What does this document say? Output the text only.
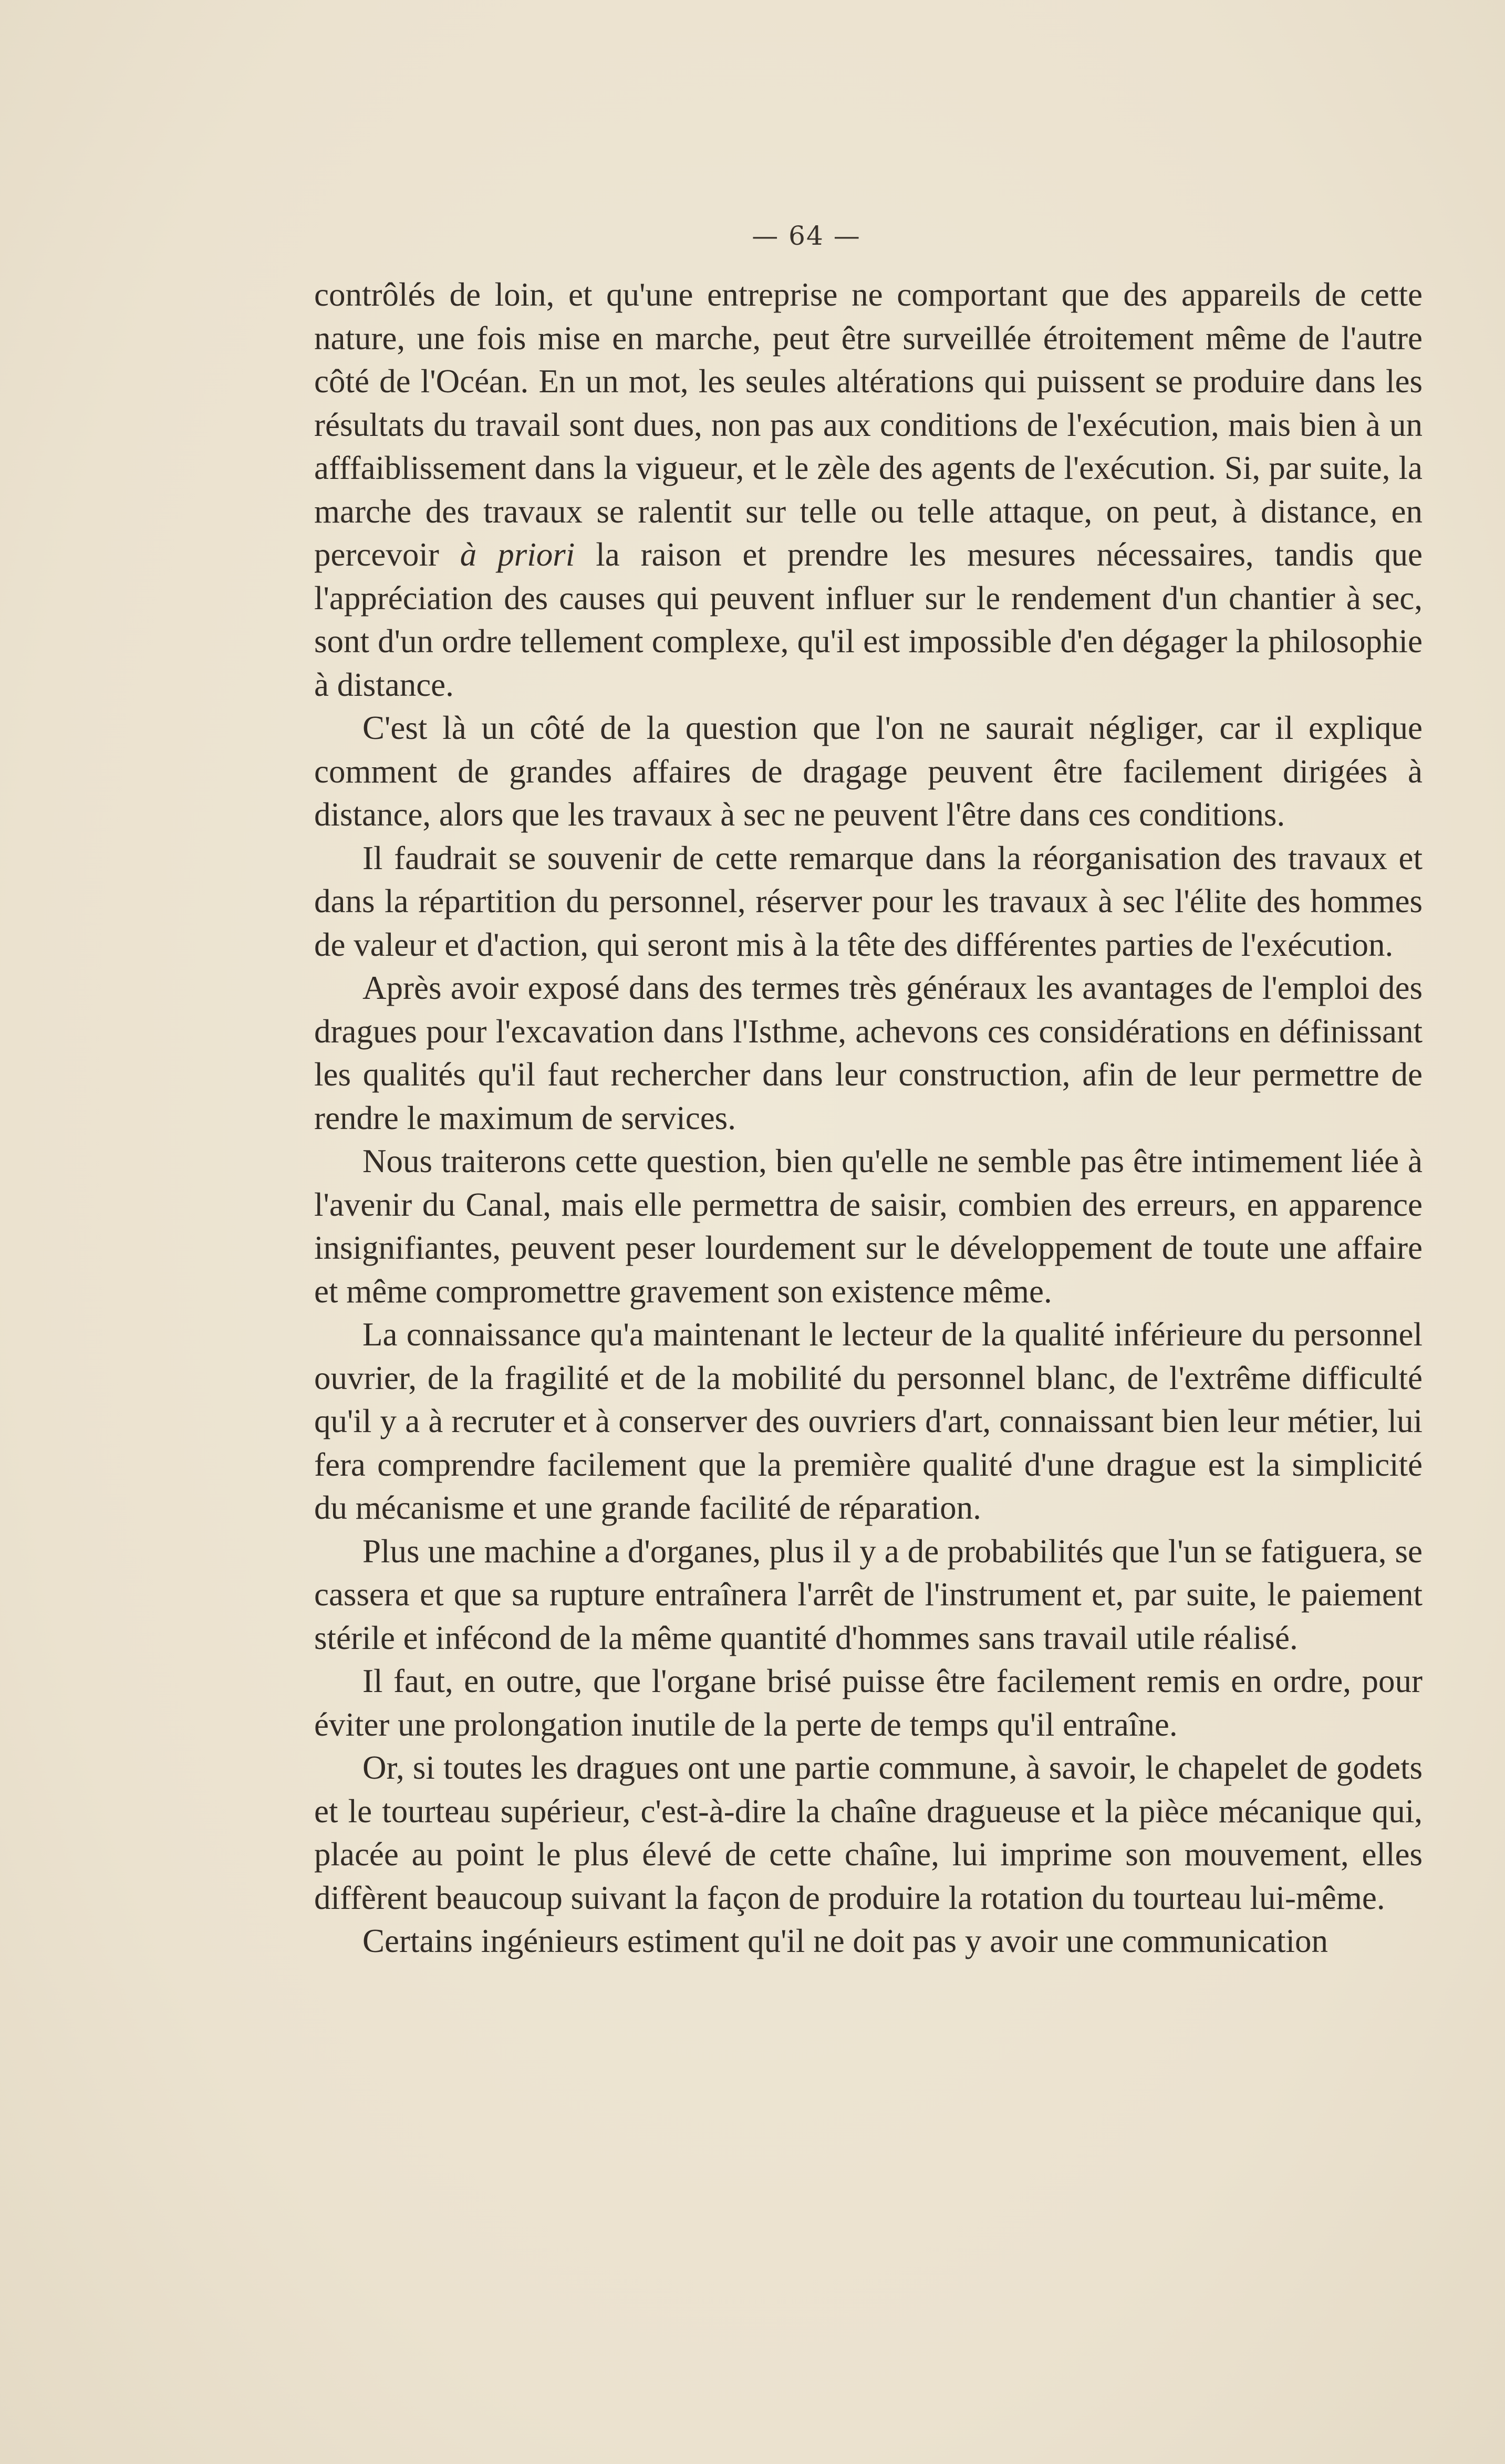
— 64 —

contrôlés de loin, et qu'une entreprise ne comportant que des appareils de cette nature, une fois mise en marche, peut être surveillée étroitement même de l'autre côté de l'Océan. En un mot, les seules altérations qui puissent se produire dans les résultats du travail sont dues, non pas aux conditions de l'exécution, mais bien à un afffaiblissement dans la vigueur, et le zèle des agents de l'exécution. Si, par suite, la marche des travaux se ralentit sur telle ou telle attaque, on peut, à distance, en percevoir à priori la raison et prendre les mesures nécessaires, tandis que l'appréciation des causes qui peuvent influer sur le rendement d'un chantier à sec, sont d'un ordre tellement complexe, qu'il est impossible d'en dégager la philosophie à distance.

C'est là un côté de la question que l'on ne saurait négliger, car il explique comment de grandes affaires de dragage peuvent être facilement dirigées à distance, alors que les travaux à sec ne peuvent l'être dans ces conditions.

Il faudrait se souvenir de cette remarque dans la réorganisation des travaux et dans la répartition du personnel, réserver pour les travaux à sec l'élite des hommes de valeur et d'action, qui seront mis à la tête des différentes parties de l'exécution.

Après avoir exposé dans des termes très généraux les avantages de l'emploi des dragues pour l'excavation dans l'Isthme, achevons ces considérations en définissant les qualités qu'il faut rechercher dans leur construction, afin de leur permettre de rendre le maximum de services.

Nous traiterons cette question, bien qu'elle ne semble pas être intimement liée à l'avenir du Canal, mais elle permettra de saisir, combien des erreurs, en apparence insignifiantes, peuvent peser lourdement sur le développement de toute une affaire et même compromettre gravement son existence même.

La connaissance qu'a maintenant le lecteur de la qualité inférieure du personnel ouvrier, de la fragilité et de la mobilité du personnel blanc, de l'extrême difficulté qu'il y a à recruter et à conserver des ouvriers d'art, connaissant bien leur métier, lui fera comprendre facilement que la première qualité d'une drague est la simplicité du mécanisme et une grande facilité de réparation.

Plus une machine a d'organes, plus il y a de probabilités que l'un se fatiguera, se cassera et que sa rupture entraînera l'arrêt de l'instrument et, par suite, le paiement stérile et infécond de la même quantité d'hommes sans travail utile réalisé.

Il faut, en outre, que l'organe brisé puisse être facilement remis en ordre, pour éviter une prolongation inutile de la perte de temps qu'il entraîne.

Or, si toutes les dragues ont une partie commune, à savoir, le chapelet de godets et le tourteau supérieur, c'est-à-dire la chaîne dragueuse et la pièce mécanique qui, placée au point le plus élevé de cette chaîne, lui imprime son mouvement, elles diffèrent beaucoup suivant la façon de produire la rotation du tourteau lui-même.

Certains ingénieurs estiment qu'il ne doit pas y avoir une communication
